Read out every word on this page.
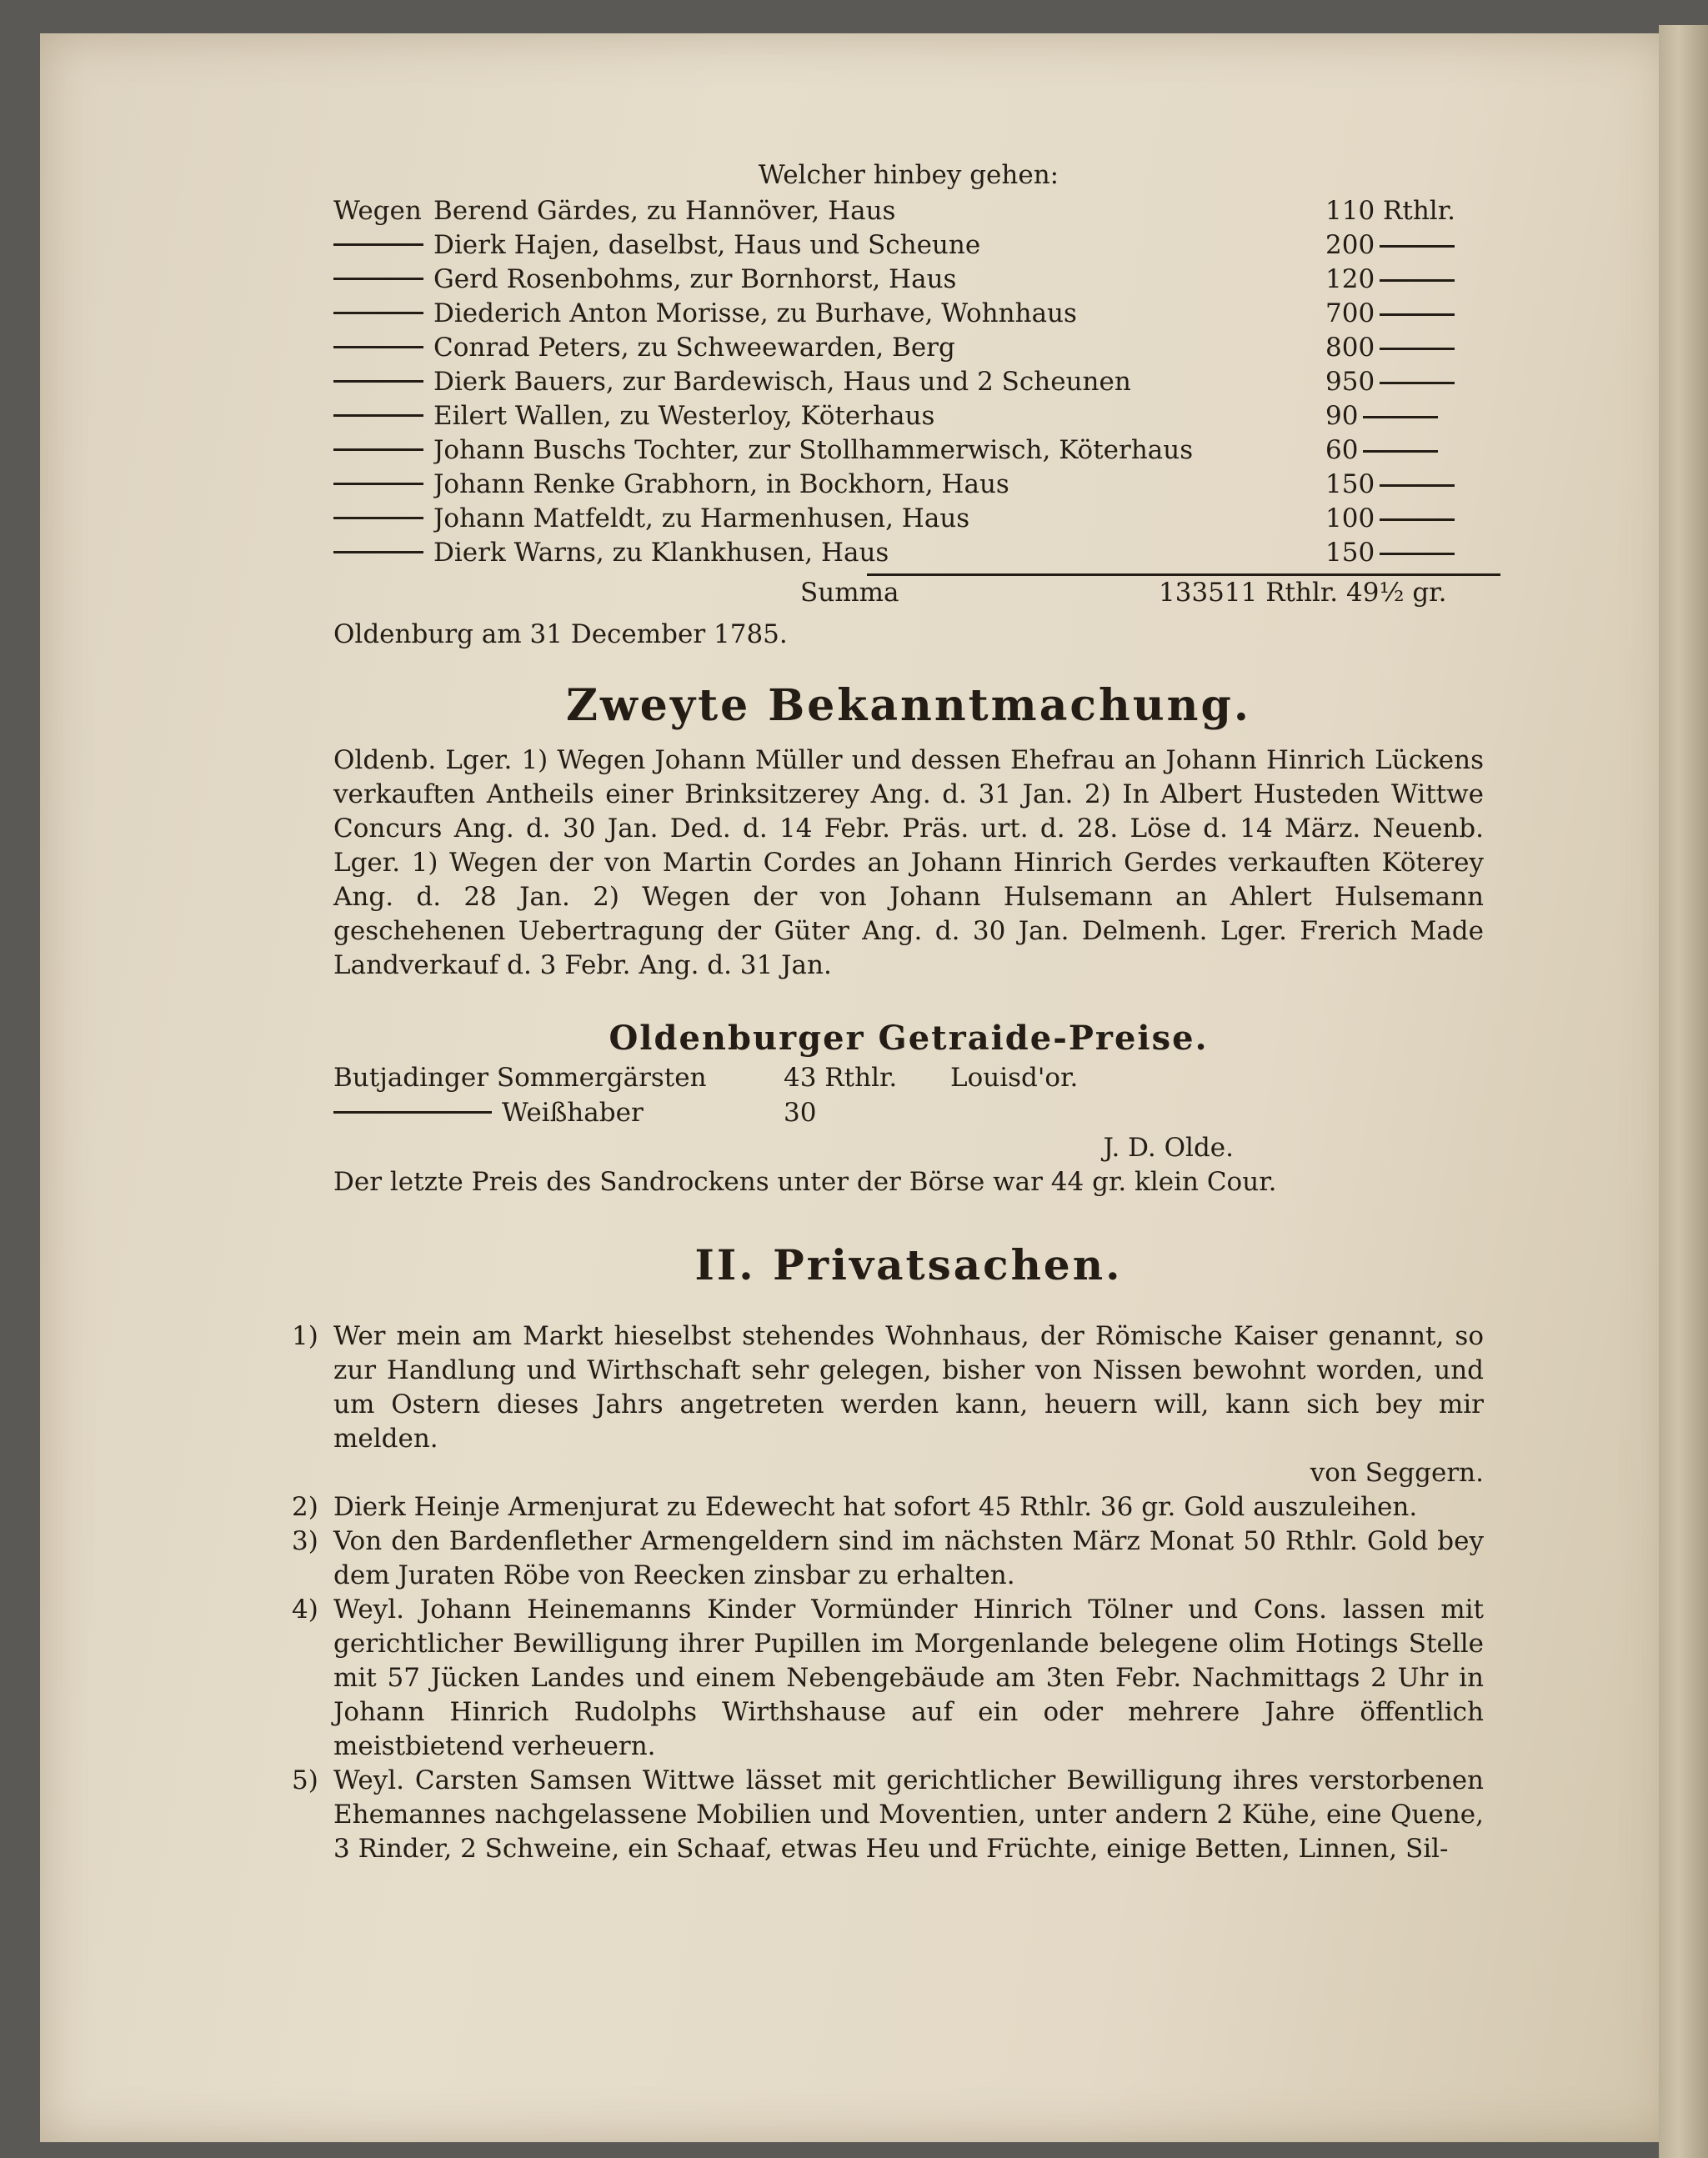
Welcher hinbey gehen:
Wegen Berend Gärdes, zu Hannöver, Haus	110 Rthlr.
Dierk Hajen, daselbst, Haus und Scheune	200
Gerd Rosenbohms, zur Bornhorst, Haus	120
Diederich Anton Morisse, zu Burhave, Wohnhaus	700
Conrad Peters, zu Schweewarden, Berg	800
Dierk Bauers, zur Bardewisch, Haus und 2 Scheunen	950
Eilert Wallen, zu Westerloy, Köterhaus	90
Johann Buschs Tochter, zur Stollhammerwisch, Köterhaus	60
Johann Renke Grabhorn, in Bockhorn, Haus	150
Johann Matfeldt, zu Harmenhusen, Haus	100
Dierk Warns, zu Klankhusen, Haus	150
Summa	133511 Rthlr. 49½ gr.
Oldenburg am 31 December 1785.
Zweyte Bekanntmachung.
Oldenb. Lger. 1) Wegen Johann Müller und dessen Ehefrau an Johann Hinrich Lückens verkauften Antheils einer Brinksitzerey Ang. d. 31 Jan. 2) In Albert Husteden Wittwe Concurs Ang. d. 30 Jan. Ded. d. 14 Febr. Präs. urt. d. 28. Löse d. 14 März. Neuenb. Lger. 1) Wegen der von Martin Cordes an Johann Hinrich Gerdes verkauften Köterey Ang. d. 28 Jan. 2) Wegen der von Johann Hulsemann an Ahlert Hulsemann geschehenen Uebertragung der Güter Ang. d. 30 Jan. Delmenh. Lger. Frerich Made Landverkauf d. 3 Febr. Ang. d. 31 Jan.
Oldenburger Getraide-Preise.
Butjadinger Sommergärsten	43 Rthlr.	Louisd'or.
Weißhaber	30
J. D. Olde.
Der letzte Preis des Sandrockens unter der Börse war 44 gr. klein Cour.
II. Privatsachen.
1) Wer mein am Markt hieselbst stehendes Wohnhaus, der Römische Kaiser genannt, so zur Handlung und Wirthschaft sehr gelegen, bisher von Nissen bewohnt worden, und um Ostern dieses Jahrs angetreten werden kann, heuern will, kann sich bey mir melden.
von Seggern.
2) Dierk Heinje Armenjurat zu Edewecht hat sofort 45 Rthlr. 36 gr. Gold auszuleihen.
3) Von den Bardenflether Armengeldern sind im nächsten März Monat 50 Rthlr. Gold bey dem Juraten Röbe von Reecken zinsbar zu erhalten.
4) Weyl. Johann Heinemanns Kinder Vormünder Hinrich Tölner und Cons. lassen mit gerichtlicher Bewilligung ihrer Pupillen im Morgenlande belegene olim Hotings Stelle mit 57 Jücken Landes und einem Nebengebäude am 3ten Febr. Nachmittags 2 Uhr in Johann Hinrich Rudolphs Wirthshause auf ein oder mehrere Jahre öffentlich meistbietend verheuern.
5) Weyl. Carsten Samsen Wittwe lässet mit gerichtlicher Bewilligung ihres verstorbenen Ehemannes nachgelassene Mobilien und Moventien, unter andern 2 Kühe, eine Quene, 3 Rinder, 2 Schweine, ein Schaaf, etwas Heu und Früchte, einige Betten, Linnen, Sil-
